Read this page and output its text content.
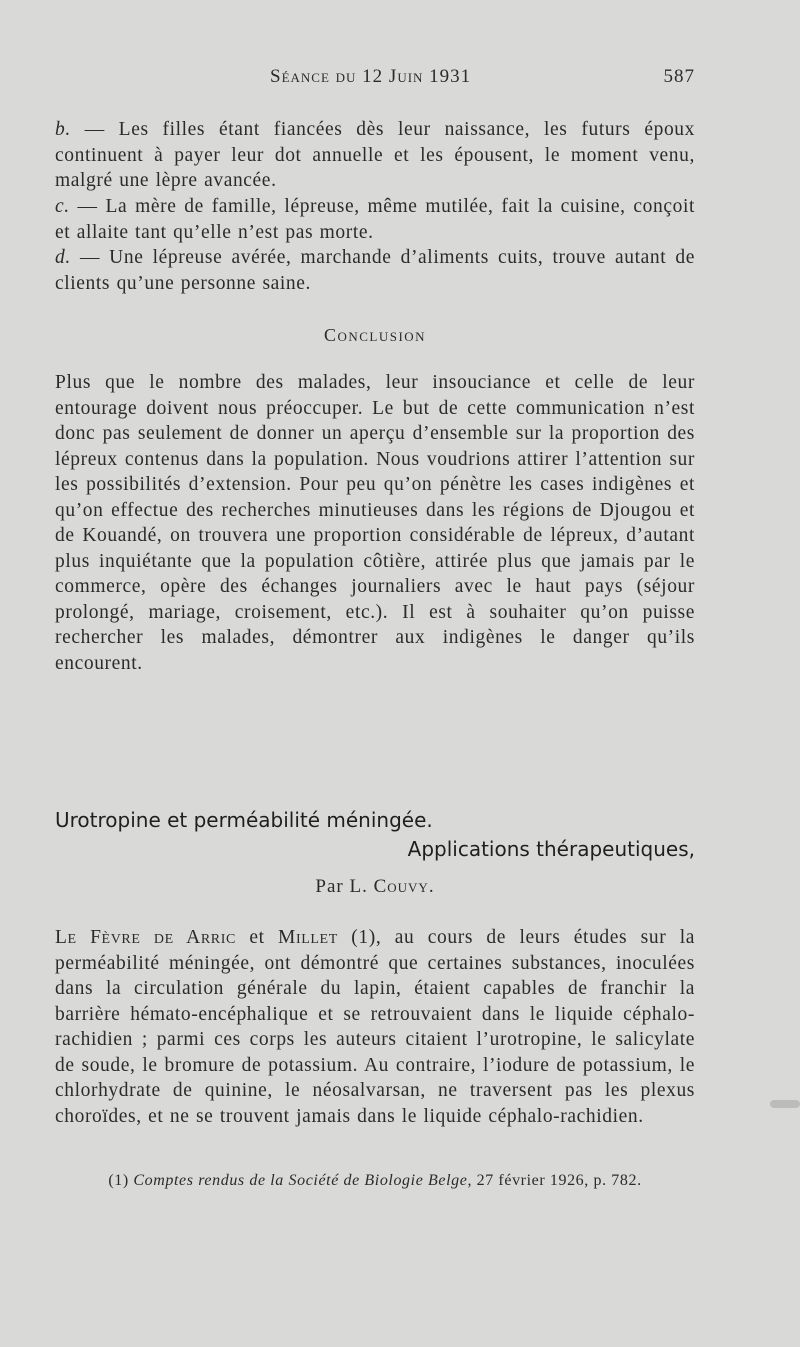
Séance du 12 Juin 1931	587

b. — Les filles étant fiancées dès leur naissance, les futurs époux continuent à payer leur dot annuelle et les épousent, le moment venu, malgré une lèpre avancée.

c. — La mère de famille, lépreuse, même mutilée, fait la cuisine, conçoit et allaite tant qu’elle n’est pas morte.

d. — Une lépreuse avérée, marchande d’aliments cuits, trouve autant de clients qu’une personne saine.

Conclusion

Plus que le nombre des malades, leur insouciance et celle de leur entourage doivent nous préoccuper. Le but de cette communication n’est donc pas seulement de donner un aperçu d’ensemble sur la proportion des lépreux contenus dans la population. Nous voudrions attirer l’attention sur les possibilités d’extension. Pour peu qu’on pénètre les cases indigènes et qu’on effectue des recherches minutieuses dans les régions de Djougou et de Kouandé, on trouvera une proportion considérable de lépreux, d’autant plus inquiétante que la population côtière, attirée plus que jamais par le commerce, opère des échanges journaliers avec le haut pays (séjour prolongé, mariage, croisement, etc.). Il est à souhaiter qu’on puisse rechercher les malades, démontrer aux indigènes le danger qu’ils encourent.

Urotropine et perméabilité méningée.
Applications thérapeutiques,
Par L. Couvy.

Le Fèvre de Arric et Millet (1), au cours de leurs études sur la perméabilité méningée, ont démontré que certaines substances, inoculées dans la circulation générale du lapin, étaient capables de franchir la barrière hémato-encéphalique et se retrouvaient dans le liquide céphalo-rachidien ; parmi ces corps les auteurs citaient l’urotropine, le salicylate de soude, le bromure de potassium. Au contraire, l’iodure de potassium, le chlorhydrate de quinine, le néosalvarsan, ne traversent pas les plexus choroïdes, et ne se trouvent jamais dans le liquide céphalo-rachidien.

(1) Comptes rendus de la Société de Biologie Belge, 27 février 1926, p. 782.
